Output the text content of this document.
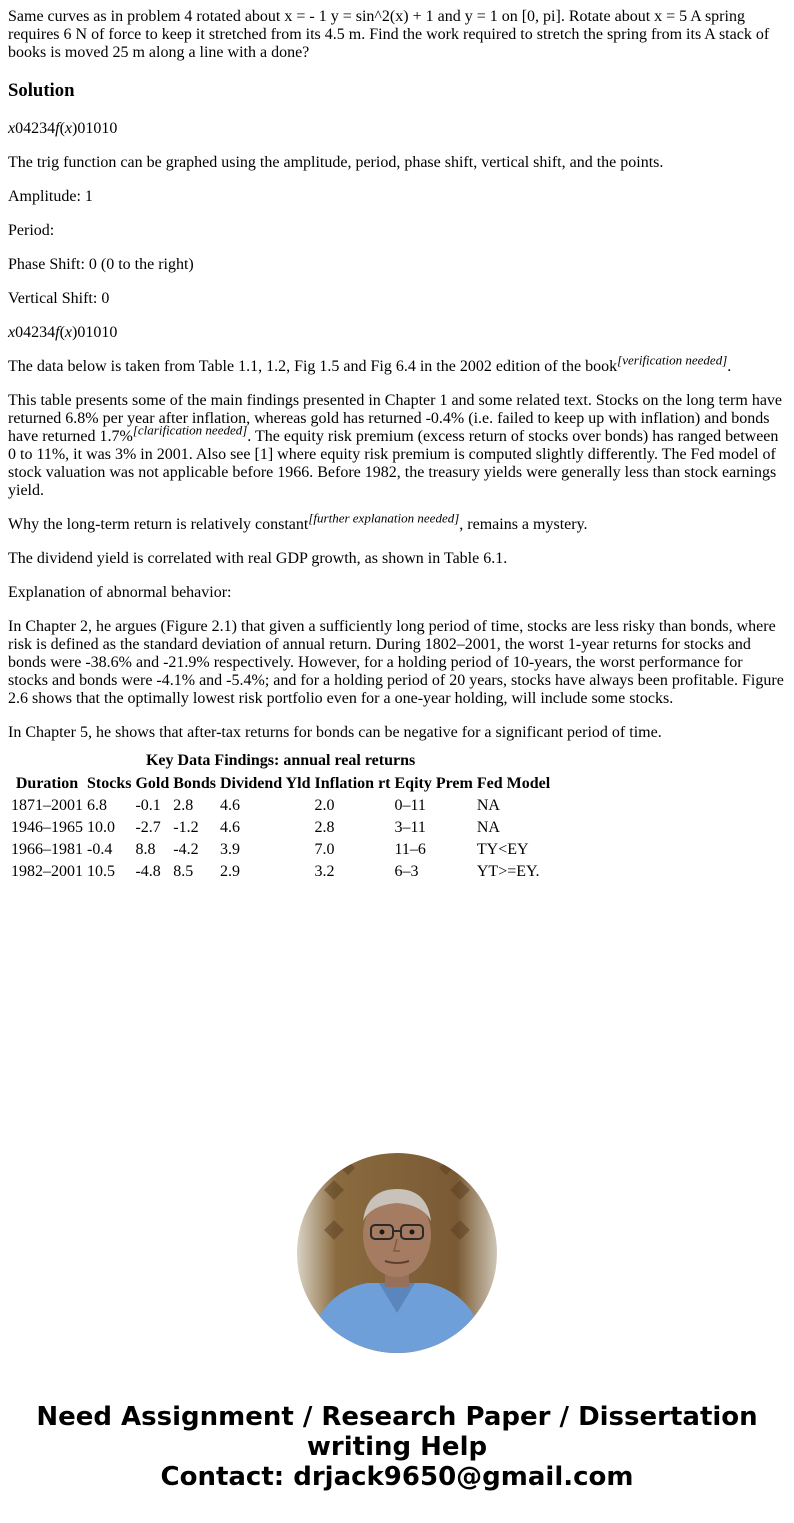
Same curves as in problem 4 rotated about x = - 1 y = sin^2(x) + 1 and y = 1 on [0, pi]. Rotate about x = 5 A spring requires 6 N of force to keep it stretched from its 4.5 m. Find the work required to stretch the spring from its A stack of books is moved 25 m along a line with a done?

Solution

x04234f(x)01010

The trig function can be graphed using the amplitude, period, phase shift, vertical shift, and the points.

Amplitude: 1

Period:

Phase Shift: 0 (0 to the right)

Vertical Shift: 0

x04234f(x)01010

The data below is taken from Table 1.1, 1.2, Fig 1.5 and Fig 6.4 in the 2002 edition of the book[verification needed].

This table presents some of the main findings presented in Chapter 1 and some related text. Stocks on the long term have returned 6.8% per year after inflation, whereas gold has returned -0.4% (i.e. failed to keep up with inflation) and bonds have returned 1.7%[clarification needed]. The equity risk premium (excess return of stocks over bonds) has ranged between 0 to 11%, it was 3% in 2001. Also see [1] where equity risk premium is computed slightly differently. The Fed model of stock valuation was not applicable before 1966. Before 1982, the treasury yields were generally less than stock earnings yield.

Why the long-term return is relatively constant[further explanation needed], remains a mystery.

The dividend yield is correlated with real GDP growth, as shown in Table 6.1.

Explanation of abnormal behavior:

In Chapter 2, he argues (Figure 2.1) that given a sufficiently long period of time, stocks are less risky than bonds, where risk is defined as the standard deviation of annual return. During 1802–2001, the worst 1-year returns for stocks and bonds were -38.6% and -21.9% respectively. However, for a holding period of 10-years, the worst performance for stocks and bonds were -4.1% and -5.4%; and for a holding period of 20 years, stocks have always been profitable. Figure 2.6 shows that the optimally lowest risk portfolio even for a one-year holding, will include some stocks.

In Chapter 5, he shows that after-tax returns for bonds can be negative for a significant period of time.

Key Data Findings: annual real returns
Duration	Stocks	Gold	Bonds	Dividend Yld	Inflation rt	Eqity Prem	Fed Model
1871–2001	6.8	-0.1	2.8	4.6	2.0	0–11	NA
1946–1965	10.0	-2.7	-1.2	4.6	2.8	3–11	NA
1966–1981	-0.4	8.8	-4.2	3.9	7.0	11–6	TY<EY
1982–2001	10.5	-4.8	8.5	2.9	3.2	6–3	YT>=EY.
Need Assignment / Research Paper / Dissertation
writing Help
Contact: drjack9650@gmail.com
